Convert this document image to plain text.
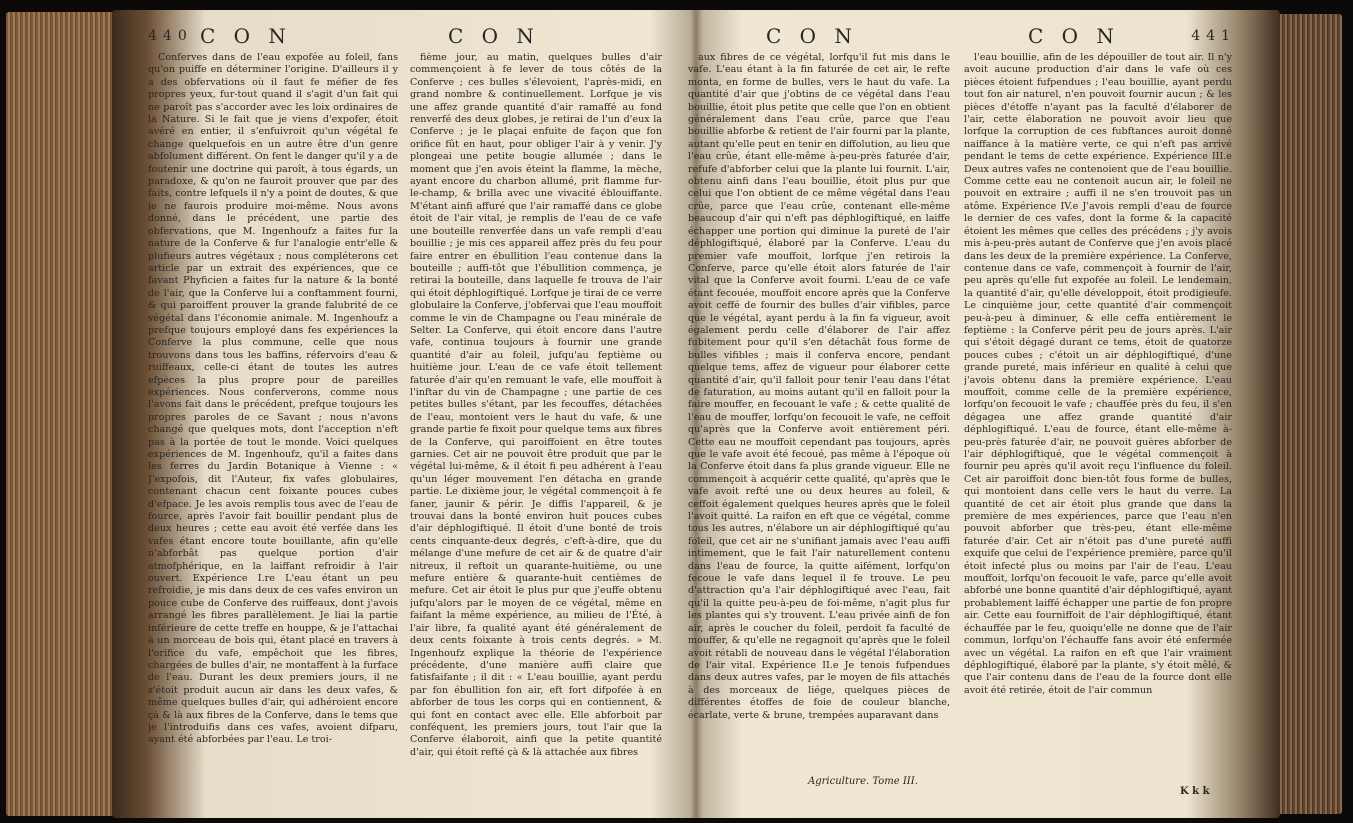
440 C O N	C O N

Conferves dans de l'eau expofée au foleil, fans qu'on puiffe en déterminer l'origine. D'ailleurs il y a des obfervations où il faut fe méfier de fes propres yeux, fur-tout quand il s'agit d'un fait qui ne paroît pas s'accorder avec les loix ordinaires de la Nature. Si le fait que je viens d'expofer, étoit avéré en entier, il s'enfuivroit qu'un végétal fe change quelquefois en un autre être d'un genre abfolument différent. On fent le danger qu'il y a de foutenir une doctrine qui paroît, à tous égards, un paradoxe, & qu'on ne fauroit prouver que par des faits, contre lefquels il n'y a point de doutes, & que je ne faurois produire moi-même. Nous avons donné, dans le précédent, une partie des obfervations, que M. Ingenhoufz a faites fur la nature de la Conferve & fur l'analogie entr'elle & plufieurs autres végétaux ; nous compléterons cet article par un extrait des expériences, que ce favant Phyficien a faites fur la nature & la bonté de l'air, que la Conferve lui a conftamment fourni, & qui paroiffent prouver la grande falubrité de ce végétal dans l'économie animale. M. Ingenhoufz a prefque toujours employé dans fes expériences la Conferve la plus commune, celle que nous trouvons dans tous les baffins, réfervoirs d'eau & ruiffeaux, celle-ci étant de toutes les autres efpèces la plus propre pour de pareilles expériences. Nous conferverons, comme nous l'avons fait dans le précédent, prefque toujours les propres paroles de ce Savant ; nous n'avons changé que quelques mots, dont l'acception n'eft pas à la portée de tout le monde. Voici quelques expériences de M. Ingenhoufz, qu'il a faites dans les ferres du Jardin Botanique à Vienne : « J'expofois, dit l'Auteur, fix vafes globulaires, contenant chacun cent foixante pouces cubes d'efpace. Je les avois remplis tous avec de l'eau de fource, après l'avoir fait bouillir pendant plus de deux heures ; cette eau avoit été verfée dans les vafes étant encore toute bouillante, afin qu'elle n'abforbât pas quelque portion d'air atmofphérique, en la laiffant refroidir à l'air ouvert. Expérience I.re L'eau étant un peu refroidie, je mis dans deux de ces vafes environ un pouce cube de Conferve des ruiffeaux, dont j'avois arrangé les fibres parallèlement. Je liai la partie inférieure de cette treffe en houppe, & je l'attachai à un morceau de bois qui, étant placé en travers à l'orifice du vafe, empêchoit que les fibres, chargées de bulles d'air, ne montaffent à la furface de l'eau. Durant les deux premiers jours, il ne s'étoit produit aucun air dans les deux vafes, & même quelques bulles d'air, qui adhéroient encore çà & là aux fibres de la Conferve, dans le tems que je l'introduifis dans ces vafes, avoient difparu, ayant été abforbées par l'eau. Le troi-

fième jour, au matin, quelques bulles d'air commençoient à fe lever de tous côtés de la Conferve ; ces bulles s'élevoient, l'après-midi, en grand nombre & continuellement. Lorfque je vis une affez grande quantité d'air ramaffé au fond renverfé des deux globes, je retirai de l'un d'eux la Conferve ; je le plaçai enfuite de façon que fon orifice fût en haut, pour obliger l'air à y venir. J'y plongeai une petite bougie allumée ; dans le moment que j'en avois éteint la flamme, la mèche, ayant encore du charbon allumé, prit flamme fur-le-champ, & brilla avec une vivacité éblouiffante. M'étant ainfi affuré que l'air ramaffé dans ce globe étoit de l'air vital, je remplis de l'eau de ce vafe une bouteille renverfée dans un vafe rempli d'eau bouillie ; je mis ces appareil affez près du feu pour faire entrer en ébullition l'eau contenue dans la bouteille ; auffi-tôt que l'ébullition commença, je retirai la bouteille, dans laquelle fe trouva de l'air qui étoit déphlogiftiqué. Lorfque je tirai de ce verre globulaire la Conferve, j'obfervai que l'eau mouffoit comme le vin de Champagne ou l'eau minérale de Selter. La Conferve, qui étoit encore dans l'autre vafe, continua toujours à fournir une grande quantité d'air au foleil, jufqu'au feptième ou huitième jour. L'eau de ce vafe étoit tellement faturée d'air qu'en remuant le vafe, elle mouffoit à l'inftar du vin de Champagne ; une partie de ces petites bulles s'étant, par les fecouffes, détachées de l'eau, montoient vers le haut du vafe, & une grande partie fe fixoit pour quelque tems aux fibres de la Conferve, qui paroiffoient en être toutes garnies. Cet air ne pouvoit être produit que par le végétal lui-même, & il étoit fi peu adhérent à l'eau qu'un léger mouvement l'en détacha en grande partie. Le dixième jour, le végétal commençoit à fe faner, jaunir & périr. Je diffis l'appareil, & je trouvai dans la bonté environ huit pouces cubes d'air déphlogiftiqué. Il étoit d'une bonté de trois cents cinquante-deux degrés, c'eft-à-dire, que du mélange d'une mefure de cet air & de quatre d'air nitreux, il reftoit un quarante-huitième, ou une mefure entière & quarante-huit centièmes de mefure. Cet air étoit le plus pur que j'euffe obtenu jufqu'alors par le moyen de ce végétal, même en faifant la même expérience, au milieu de l'Été, à l'air libre, fa qualité ayant été généralement de deux cents foixante à trois cents degrés. » M. Ingenhoufz explique la théorie de l'expérience précédente, d'une manière auffi claire que fatisfaifante ; il dit : « L'eau bouillie, ayant perdu par fon ébullition fon air, eft fort difpofée à en abforber de tous les corps qui en contiennent, & qui font en contact avec elle. Elle abforboit par conféquent, les premiers jours, tout l'air que la Conferve élaboroit, ainfi que la petite quantité d'air, qui étoit refté çà & là attachée aux fibres

C O N	C O N	441

aux fibres de ce végétal, lorfqu'il fut mis dans le vafe. L'eau étant à la fin faturée de cet air, le refte monta, en forme de bulles, vers le haut du vafe. La quantité d'air que j'obtins de ce végétal dans l'eau bouillie, étoit plus petite que celle que l'on en obtient généralement dans l'eau crûe, parce que l'eau bouillie abforbe & retient de l'air fourni par la plante, autant qu'elle peut en tenir en diffolution, au lieu que l'eau crûe, étant elle-même à-peu-près faturée d'air, refufe d'abforber celui que la plante lui fournit. L'air, obtenu ainfi dans l'eau bouillie, étoit plus pur que celui que l'on obtient de ce même végétal dans l'eau crûe, parce que l'eau crûe, contenant elle-même beaucoup d'air qui n'eft pas déphlogiftiqué, en laiffe échapper une portion qui diminue la pureté de l'air déphlogiftiqué, élaboré par la Conferve. L'eau du premier vafe mouffoit, lorfque j'en retirois la Conferve, parce qu'elle étoit alors faturée de l'air vital que la Conferve avoit fourni. L'eau de ce vafe étant fecouée, mouffoit encore après que la Conferve avoit ceffé de fournir des bulles d'air vifibles, parce que le végétal, ayant perdu à la fin fa vigueur, avoit également perdu celle d'élaborer de l'air affez fubitement pour qu'il s'en détachât fous forme de bulles vifibles ; mais il conferva encore, pendant quelque tems, affez de vigueur pour élaborer cette quantité d'air, qu'il falloit pour tenir l'eau dans l'état de faturation, au moins autant qu'il en falloit pour la faire mouffer, en fecouant le vafe ; & cette qualité de l'eau de mouffer, lorfqu'on fecouoit le vafe, ne ceffoit qu'après que la Conferve avoit entièrement péri. Cette eau ne mouffoit cependant pas toujours, après que le vafe avoit été fecoué, pas même à l'époque où la Conferve étoit dans fa plus grande vigueur. Elle ne commençoit à acquérir cette qualité, qu'après que le vafe avoit refté une ou deux heures au foleil, & ceffoit également quelques heures après que le foleil l'avoit quitté. La raifon en eft que ce végétal, comme tous les autres, n'élabore un air déphlogiftiqué qu'au foleil, que cet air ne s'unifiant jamais avec l'eau auffi intimement, que le fait l'air naturellement contenu dans l'eau de fource, la quitte aifément, lorfqu'on fecoue le vafe dans lequel il fe trouve. Le peu d'attraction qu'a l'air déphlogiftiqué avec l'eau, fait qu'il la quitte peu-à-peu de foi-même, n'agit plus fur les plantes qui s'y trouvent. L'eau privée ainfi de fon air, après le coucher du foleil, perdoit fa faculté de mouffer, & qu'elle ne regagnoit qu'après que le foleil avoit rétabli de nouveau dans le végétal l'élaboration de l'air vital. Expérience II.e Je tenois fufpendues dans deux autres vafes, par le moyen de fils attachés à des morceaux de liége, quelques pièces de différentes étoffes de foie de couleur blanche, écarlate, verte & brune, trempées auparavant dans

l'eau bouillie, afin de les dépouiller de tout air. Il n'y avoit aucune production d'air dans le vafe où ces pièces étoient fufpendues ; l'eau bouillie, ayant perdu tout fon air naturel, n'en pouvoit fournir aucun ; & les pièces d'étoffe n'ayant pas la faculté d'élaborer de l'air, cette élaboration ne pouvoit avoir lieu que lorfque la corruption de ces fubftances auroit donné naiffance à la matière verte, ce qui n'eft pas arrivé pendant le tems de cette expérience. Expérience III.e Deux autres vafes ne contenoient que de l'eau bouillie. Comme cette eau ne contenoit aucun air, le foleil ne pouvoit en extraire ; auffi il ne s'en trouvoit pas un atôme. Expérience IV.e J'avois rempli d'eau de fource le dernier de ces vafes, dont la forme & la capacité étoient les mêmes que celles des précédens ; j'y avois mis à-peu-près autant de Conferve que j'en avois placé dans les deux de la première expérience. La Conferve, contenue dans ce vafe, commençoit à fournir de l'air, peu après qu'elle fut expofée au foleil. Le lendemain, la quantité d'air, qu'elle développoit, étoit prodigieufe. Le cinquième jour, cette quantité d'air commençoit peu-à-peu à diminuer, & elle ceffa entièrement le feptième : la Conferve périt peu de jours après. L'air qui s'étoit dégagé durant ce tems, étoit de quatorze pouces cubes ; c'étoit un air déphlogiftiqué, d'une grande pureté, mais inférieur en qualité à celui que j'avois obtenu dans la première expérience. L'eau mouffoit, comme celle de la première expérience, lorfqu'on fecouoit le vafe ; chauffée près du feu, il s'en dégagea une affez grande quantité d'air déphlogiftiqué. L'eau de fource, étant elle-même à-peu-près faturée d'air, ne pouvoit guères abforber de l'air déphlogiftiqué, que le végétal commençoit à fournir peu après qu'il avoit reçu l'influence du foleil. Cet air paroiffoit donc bien-tôt fous forme de bulles, qui montoient dans celle vers le haut du verre. La quantité de cet air étoit plus grande que dans la première de mes expériences, parce que l'eau n'en pouvoit abforber que très-peu, étant elle-même faturée d'air. Cet air n'étoit pas d'une pureté auffi exquife que celui de l'expérience première, parce qu'il étoit infecté plus ou moins par l'air de l'eau. L'eau mouffoit, lorfqu'on fecouoit le vafe, parce qu'elle avoit abforbé une bonne quantité d'air déphlogiftiqué, ayant probablement laiffé échapper une partie de fon propre air. Cette eau fourniffoit de l'air déphlogiftiqué, étant échauffée par le feu, quoiqu'elle ne donne que de l'air commun, lorfqu'on l'échauffe fans avoir été enfermée avec un végétal. La raifon en eft que l'air vraiment déphlogiftiqué, élaboré par la plante, s'y étoit mêlé, & que l'air contenu dans de l'eau de la fource dont elle avoit été retirée, étoit de l'air commun

Agriculture. Tome III.
K k k
